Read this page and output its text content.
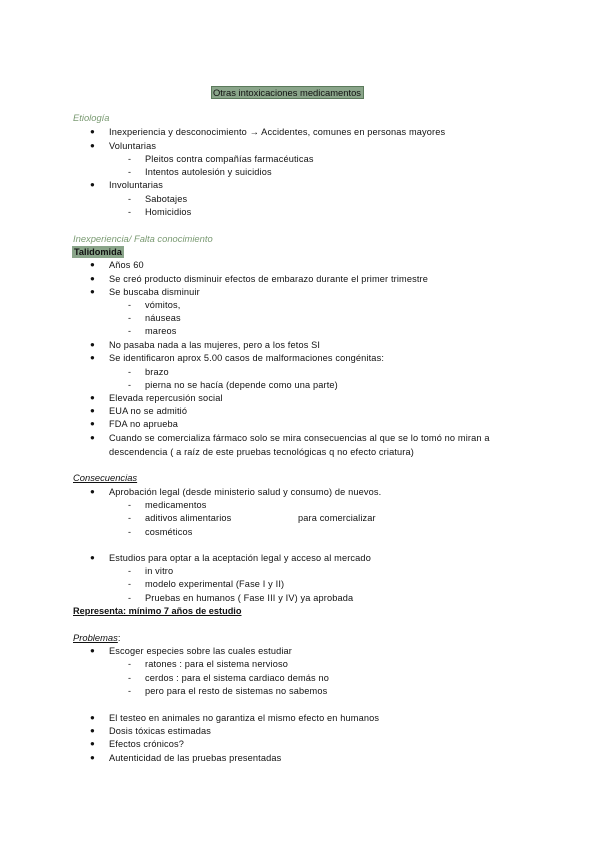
Otras intoxicaciones medicamentos
Etiología
● Inexperiencia y desconocimiento → Accidentes, comunes en personas mayores
● Voluntarias
- Pleitos contra compañías farmacéuticas
- Intentos autolesión y suicidios
● Involuntarias
- Sabotajes
- Homicidios
Inexperiencia/ Falta conocimiento
Talidomida
● Años 60
● Se creó producto disminuir efectos de embarazo durante el primer trimestre
● Se buscaba disminuir
- vómitos,
- náuseas
- mareos
● No pasaba nada a las mujeres, pero a los fetos SI
● Se identificaron aprox 5.00 casos de malformaciones congénitas:
- brazo
- pierna no se hacía (depende como una parte)
● Elevada repercusión social
● EUA no se admitió
● FDA no aprueba
● Cuando se comercializa fármaco solo se mira consecuencias al que se lo tomó no miran a
descendencia ( a raíz de este pruebas tecnológicas q no efecto criatura)
Consecuencias
● Aprobación legal (desde ministerio salud y consumo) de nuevos.
- medicamentos
- aditivos alimentarios	para comercializar
- cosméticos
● Estudios para optar a la aceptación legal y acceso al mercado
- in vitro
- modelo experimental (Fase I y II)
- Pruebas en humanos ( Fase III y IV) ya aprobada
Representa: mínimo 7 años de estudio
Problemas:
● Escoger especies sobre las cuales estudiar
- ratones : para el sistema nervioso
- cerdos : para el sistema cardiaco demás no
- pero para el resto de sistemas no sabemos
● El testeo en animales no garantiza el mismo efecto en humanos
● Dosis tóxicas estimadas
● Efectos crónicos?
● Autenticidad de las pruebas presentadas
